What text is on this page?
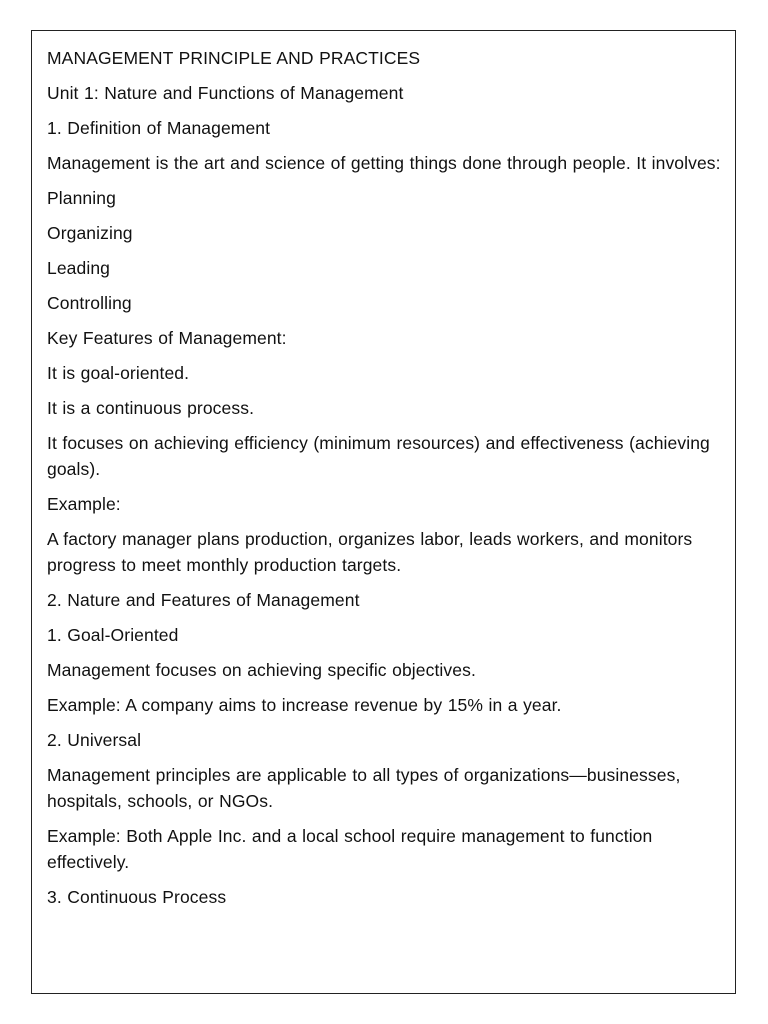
MANAGEMENT PRINCIPLE AND PRACTICES

Unit 1: Nature and Functions of Management

1. Definition of Management

Management is the art and science of getting things done through people. It involves:

Planning

Organizing

Leading

Controlling

Key Features of Management:

It is goal-oriented.

It is a continuous process.

It focuses on achieving efficiency (minimum resources) and effectiveness (achieving goals).

Example:

A factory manager plans production, organizes labor, leads workers, and monitors progress to meet monthly production targets.

2. Nature and Features of Management

1. Goal-Oriented

Management focuses on achieving specific objectives.

Example: A company aims to increase revenue by 15% in a year.

2. Universal

Management principles are applicable to all types of organizations—businesses, hospitals, schools, or NGOs.

Example: Both Apple Inc. and a local school require management to function effectively.

3. Continuous Process
